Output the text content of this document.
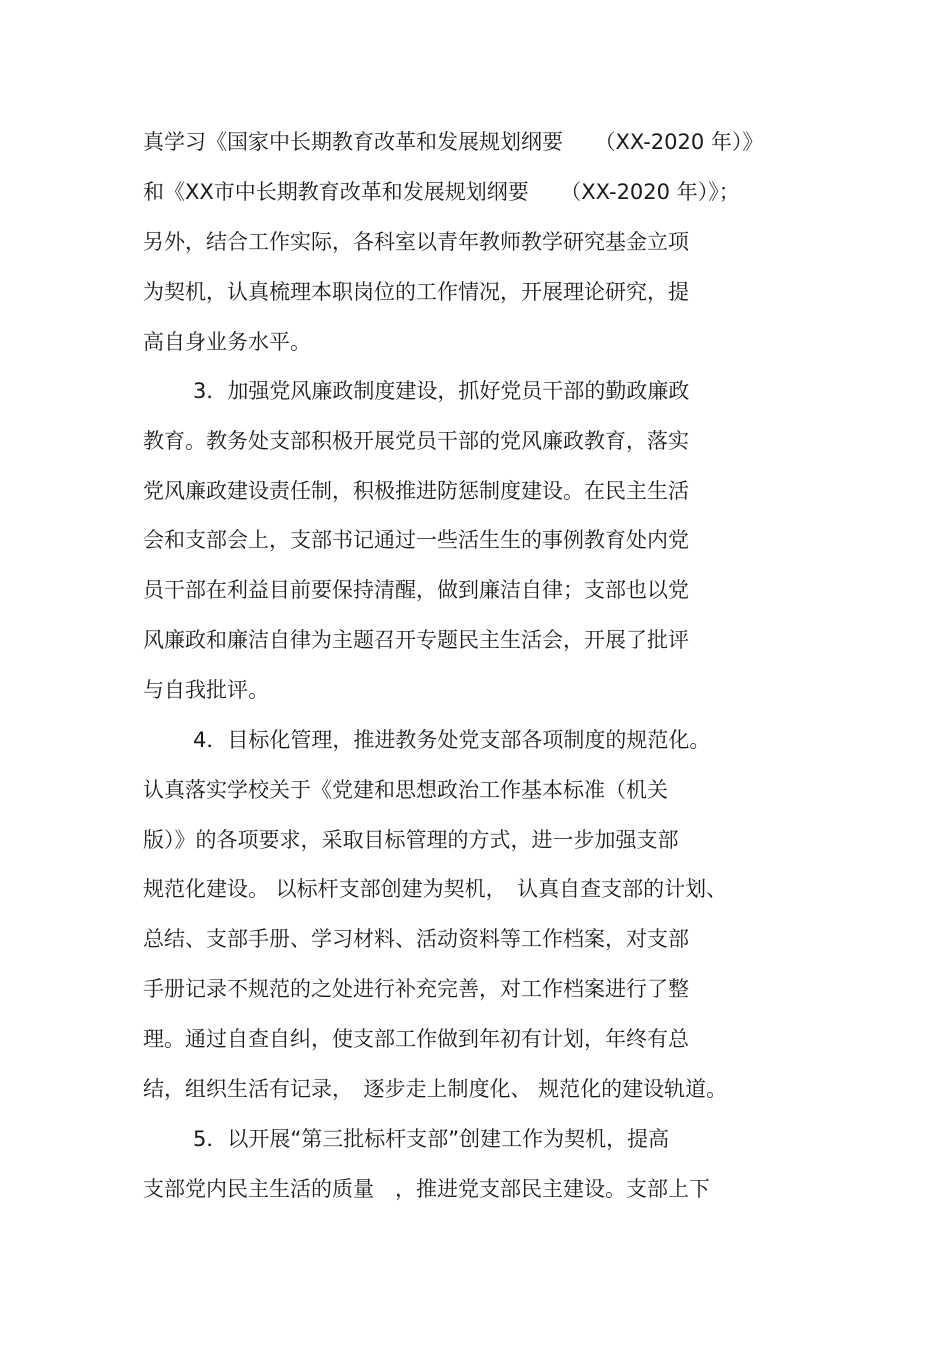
真学习《国家中长期教育改革和发展规划纲要　　（XX-2020 年）》
和《XX市中长期教育改革和发展规划纲要　　（XX-2020 年）》；
另外，结合工作实际，各科室以青年教师教学研究基金立项
为契机，认真梳理本职岗位的工作情况，开展理论研究，提
高自身业务水平。
3．加强党风廉政制度建设，抓好党员干部的勤政廉政
教育。教务处支部积极开展党员干部的党风廉政教育，落实
党风廉政建设责任制，积极推进防惩制度建设。在民主生活
会和支部会上，支部书记通过一些活生生的事例教育处内党
员干部在利益目前要保持清醒，做到廉洁自律；支部也以党
风廉政和廉洁自律为主题召开专题民主生活会，开展了批评
与自我批评。
4．目标化管理，推进教务处党支部各项制度的规范化。
认真落实学校关于《党建和思想政治工作基本标准（机关
版）》的各项要求，采取目标管理的方式，进一步加强支部
规范化建设。 以标杆支部创建为契机，　认真自查支部的计划、
总结、支部手册、学习材料、活动资料等工作档案，对支部
手册记录不规范的之处进行补充完善，对工作档案进行了整
理。通过自查自纠，使支部工作做到年初有计划，年终有总
结，组织生活有记录，　逐步走上制度化、 规范化的建设轨道。
5．以开展“第三批标杆支部”创建工作为契机，提高
支部党内民主生活的质量　，推进党支部民主建设。支部上下
